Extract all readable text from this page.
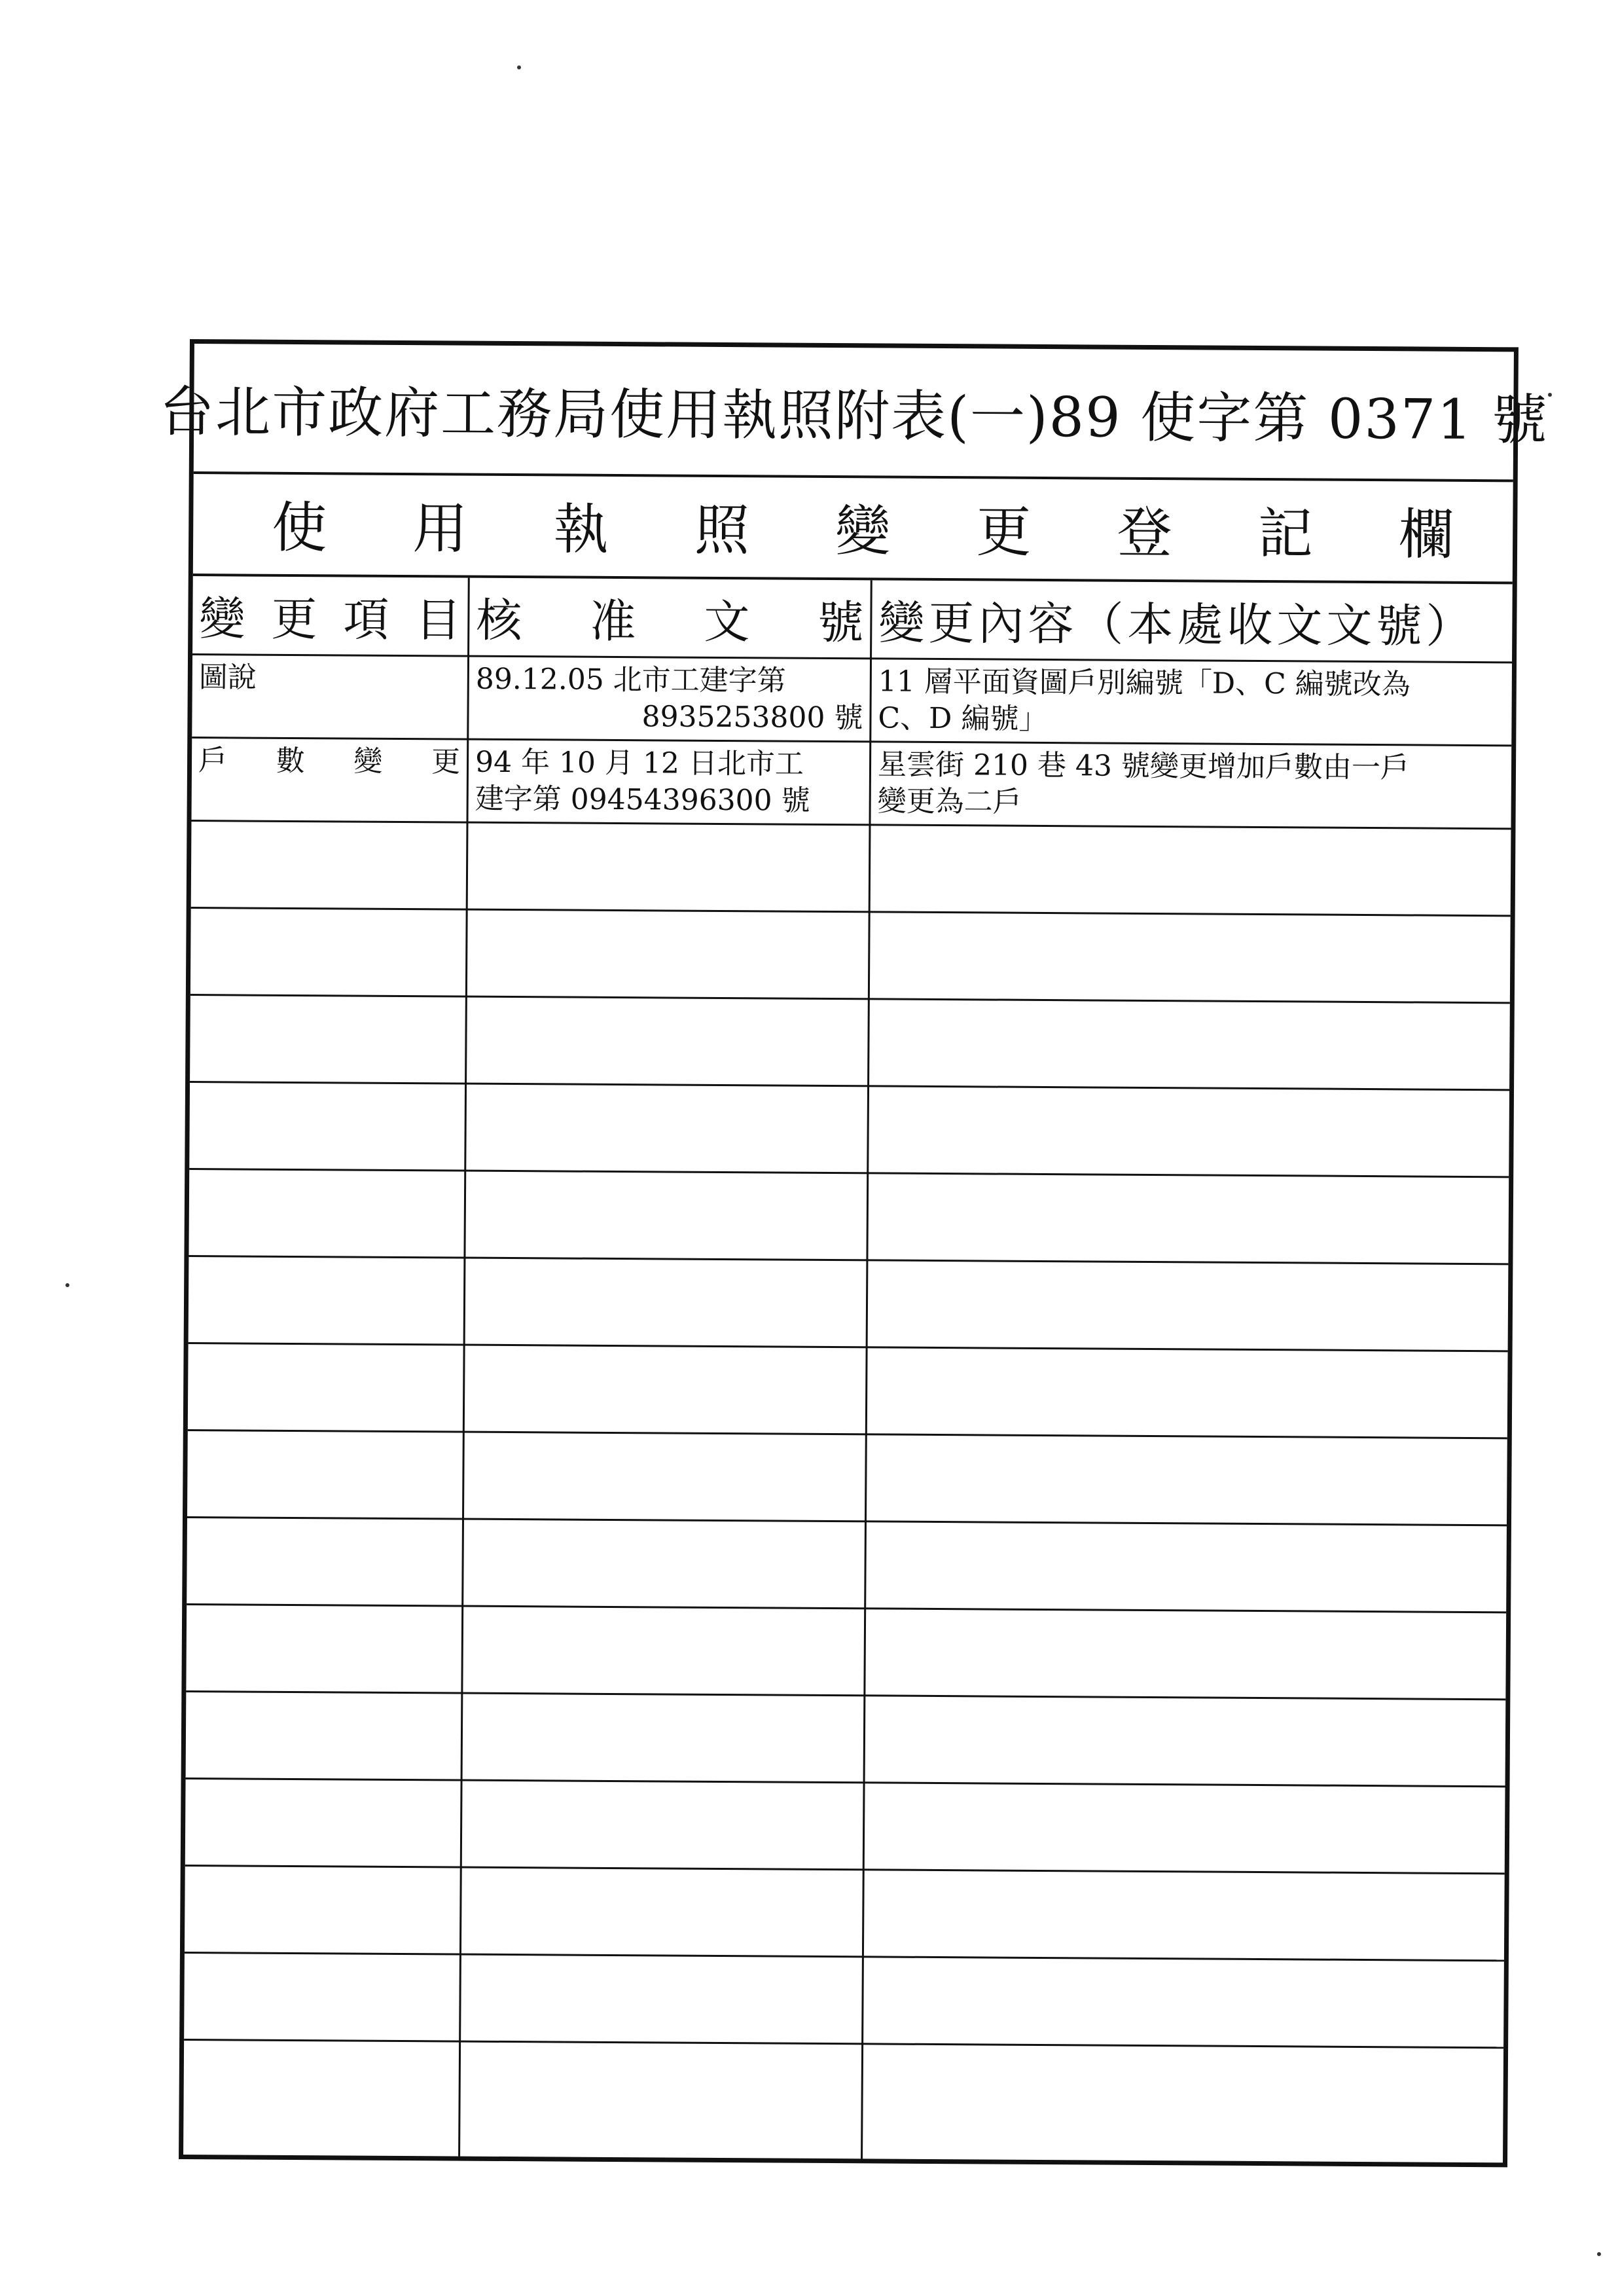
台北市政府工務局使用執照附表(一)89 使字第 0371 號
使 用 執 照 變 更 登 記 欄
變 更 項 目 核 准 文 號 變更內容（本處收文文號）
圖說	89.12.05 北市工建字第
8935253800 號
11 層平面資圖戶別編號「D、C 編號改為
C、D 編號」
戶 數 變 更 94 年 10 月 12 日北市工
建字第 09454396300 號
星雲街 210 巷 43 號變更增加戶數由一戶
變更為二戶
